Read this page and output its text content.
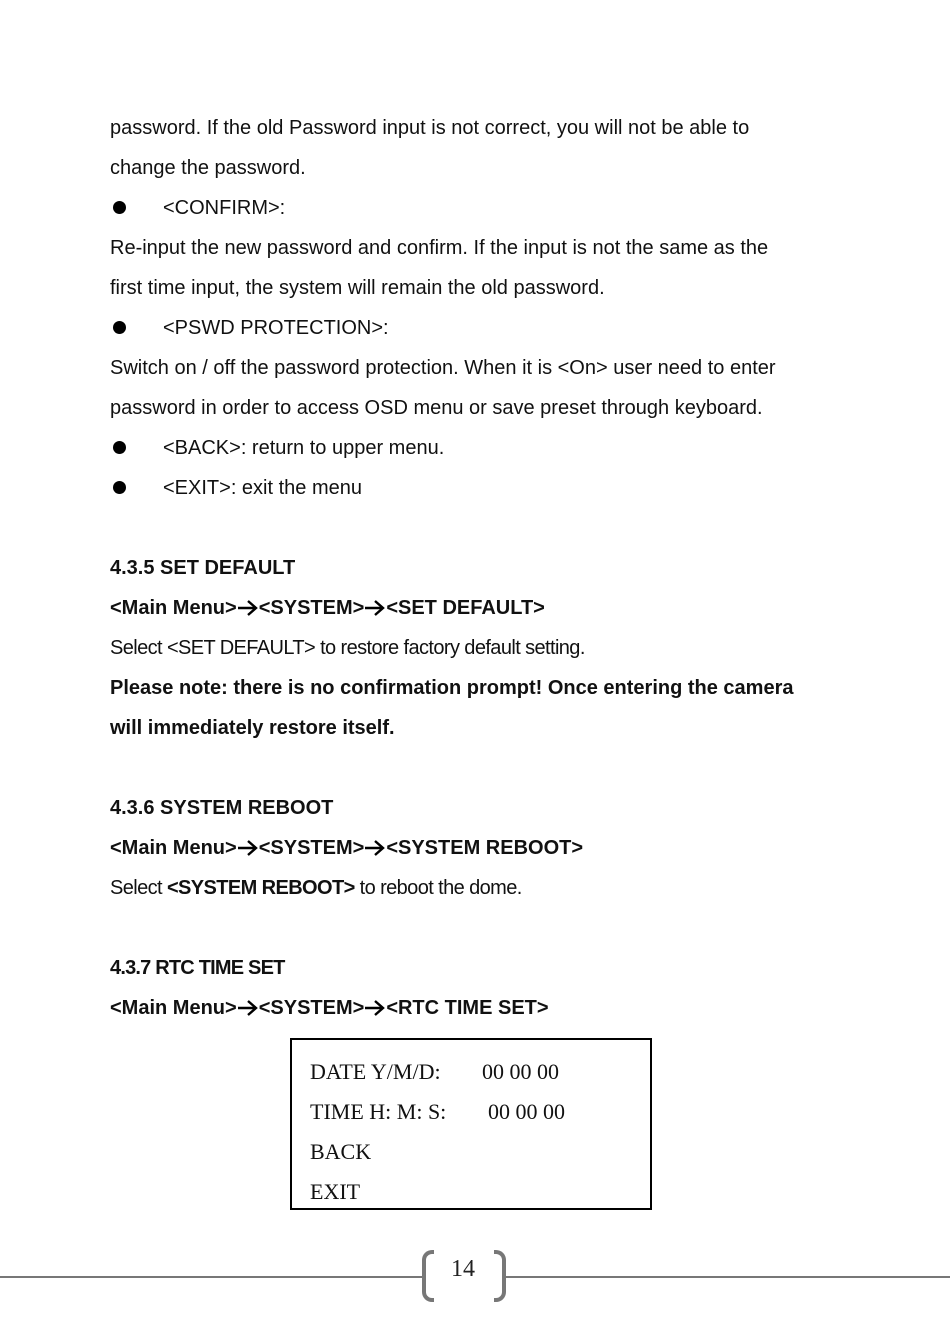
password. If the old Password input is not correct, you will not be able to

change the password.

<CONFIRM>:

Re-input the new password and confirm. If the input is not the same as the

first time input, the system will remain the old password.

<PSWD PROTECTION>:

Switch on / off the password protection. When it is <On> user need to enter

password in order to access OSD menu or save preset through keyboard.

<BACK>: return to upper menu.

<EXIT>: exit the menu

4.3.5 SET DEFAULT

<Main Menu> <SYSTEM> <SET DEFAULT>

Select <SET DEFAULT> to restore factory default setting.

Please note: there is no confirmation prompt! Once entering the camera

will immediately restore itself.

4.3.6 SYSTEM REBOOT

<Main Menu> <SYSTEM> <SYSTEM REBOOT>

Select <SYSTEM REBOOT> to reboot the dome.

4.3.7 RTC TIME SET

<Main Menu> <SYSTEM> <RTC TIME SET>

DATE Y/M/D: 00 00 00
TIME H: M: S: 00 00 00
BACK
EXIT
14
